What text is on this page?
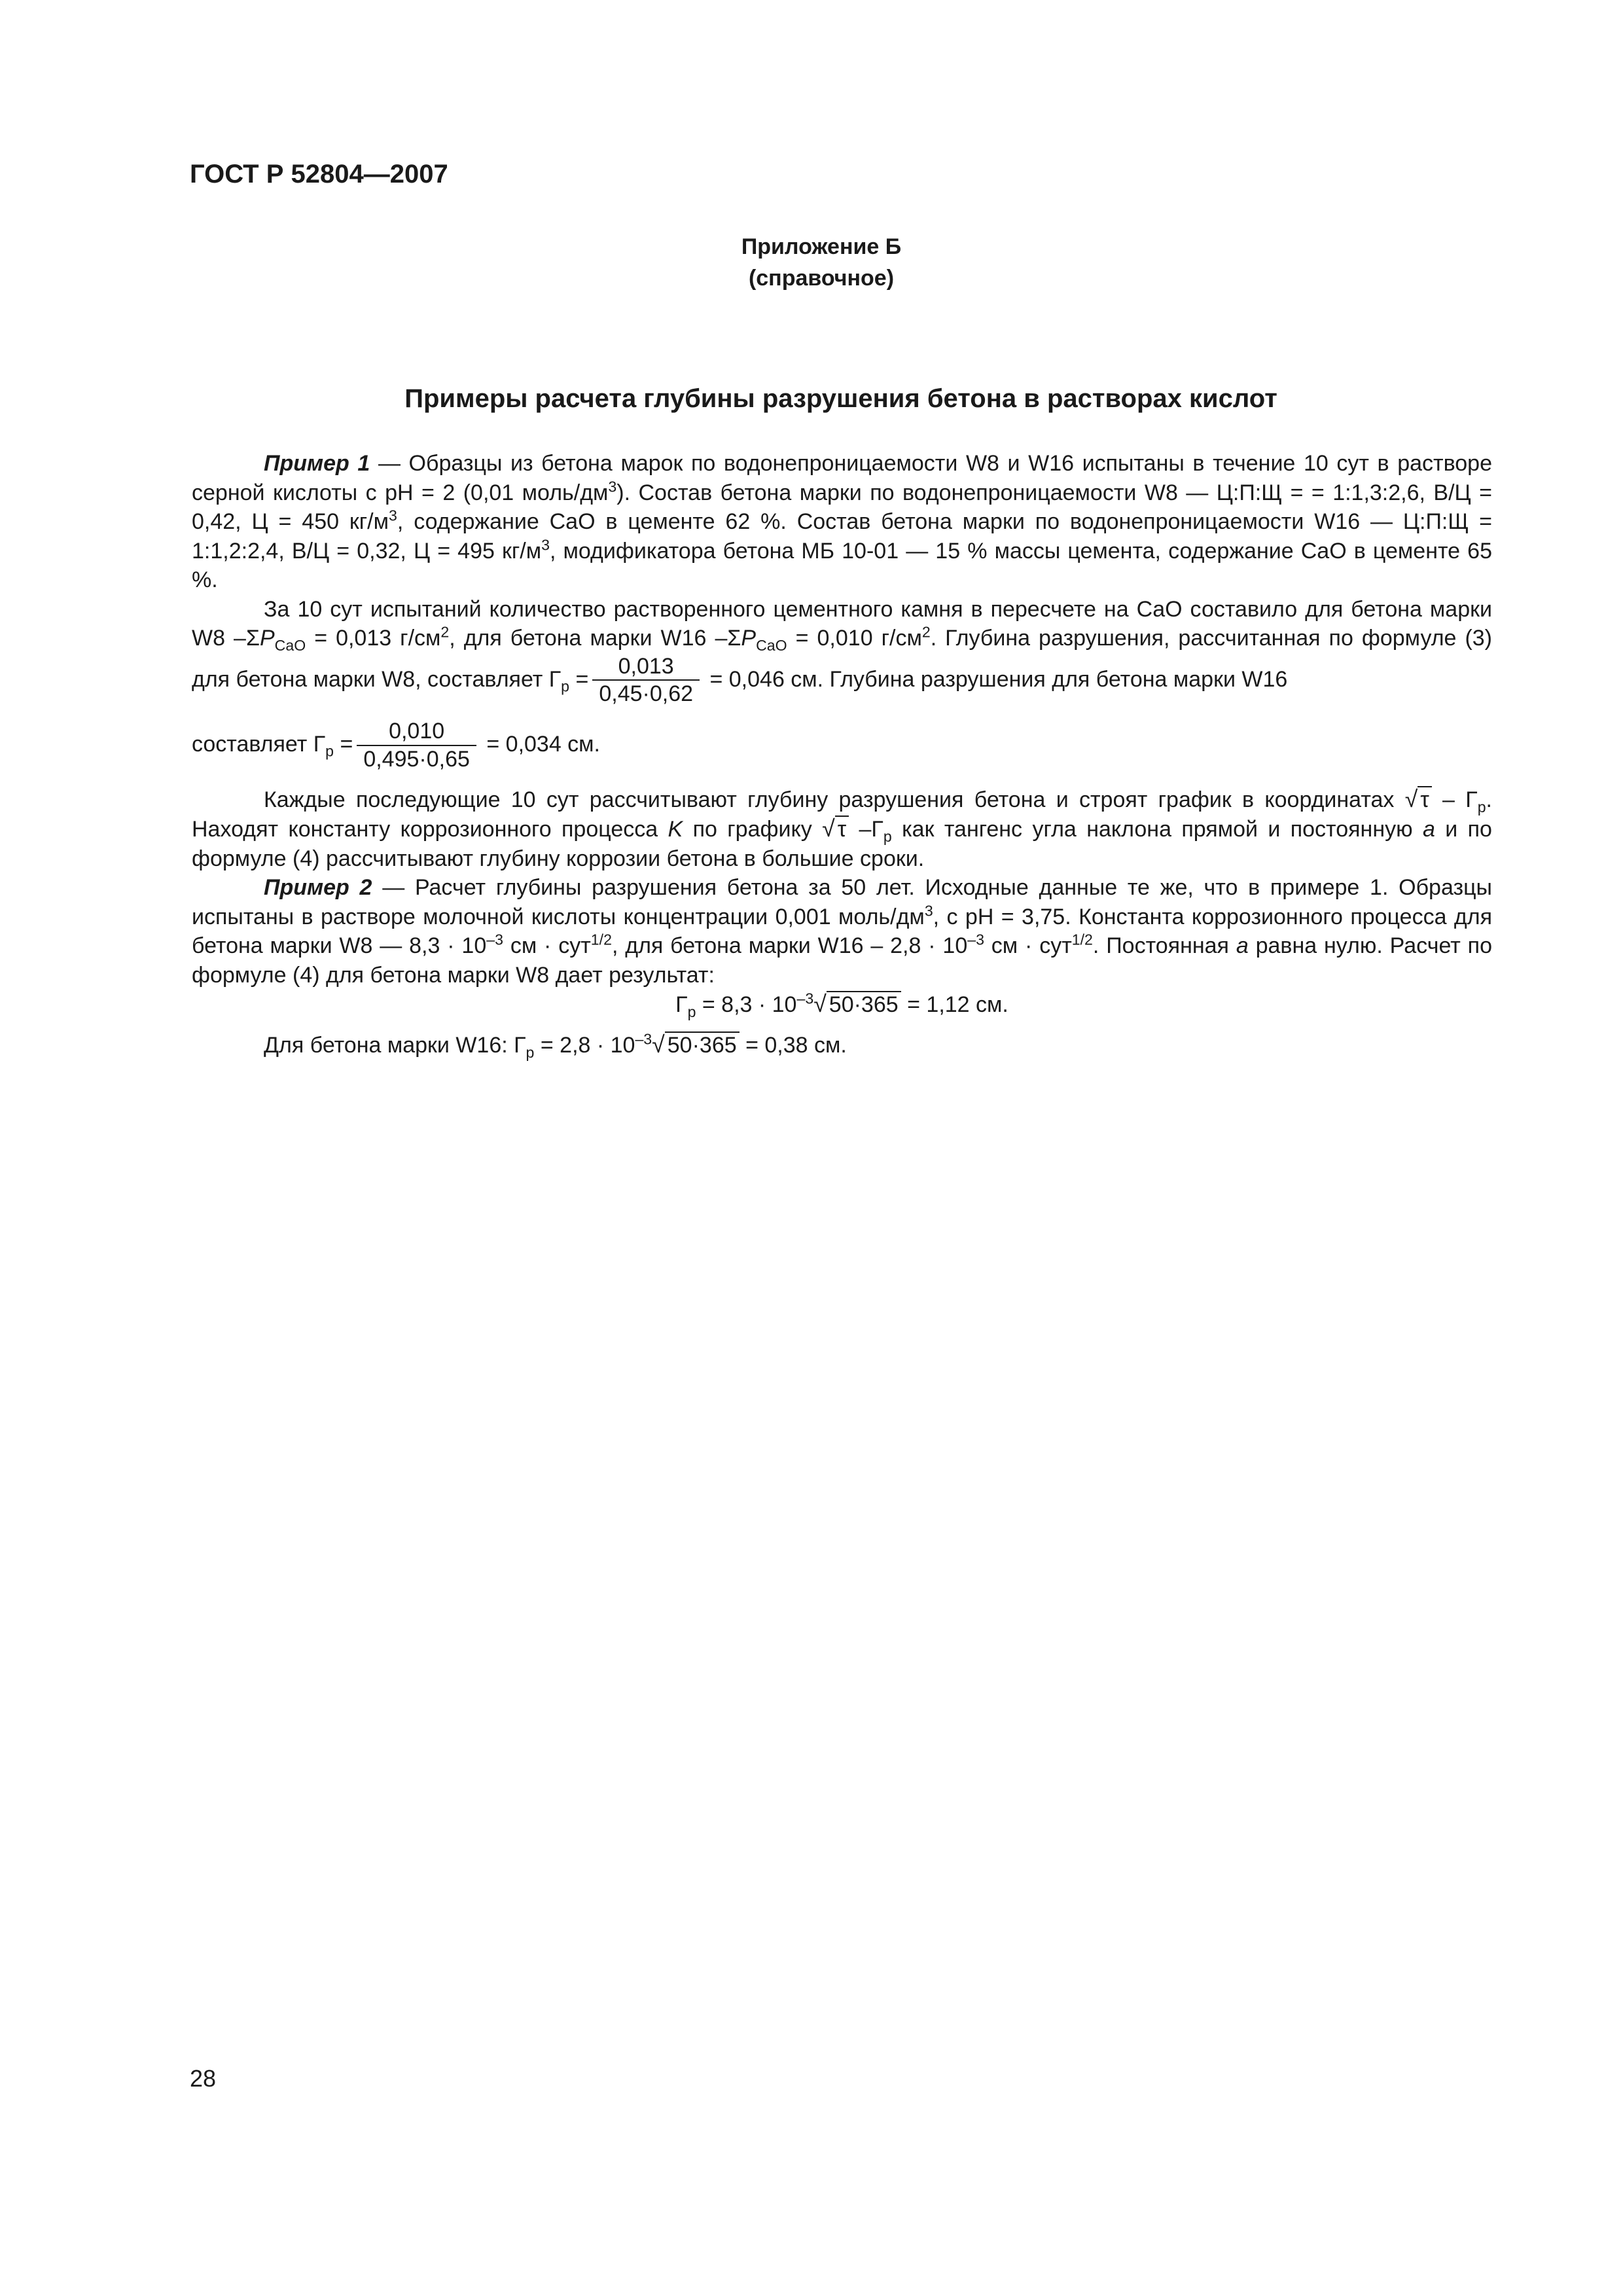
ГОСТ Р 52804—2007
Приложение Б
(справочное)
Примеры расчета глубины разрушения бетона в растворах кислот

Пример 1 — Образцы из бетона марок по водонепроницаемости W8 и W16 испытаны в течение 10 сут в растворе серной кислоты с рН = 2 (0,01 моль/$дм^3$). Состав бетона марки по водонепроницаемости W8 — Ц:П:Щ = = 1:1,3:2,6, В/Ц = 0,42, Ц = 450 $кг/м^3$, содержание CaO в цементе 62 %. Состав бетона марки по водонепроницаемости W16 — Ц:П:Щ = 1:1,2:2,4, В/Ц = 0,32, Ц = 495 $кг/м^3$, модификатора бетона МБ 10-01 — 15 % массы цемента, содержание CaO в цементе 65 %.

За 10 сут испытаний количество растворенного цементного камня в пересчете на CaO составило для бетона марки W8 $-\Sigma P_{CaO} = 0,013$ $г/см^2$, для бетона марки W16 $-\Sigma P_{CaO} = 0,010$ $г/см^2$. Глубина разрушения, рассчитанная по формуле (3) для бетона марки W8, составляет $Г_р = \frac{0,013}{0,45\cdot 0,62} = 0,046$ см. Глубина разрушения для бетона марки W16

составляет $Г_р = \frac{0,010}{0,495\cdot 0,65} = 0,034$ см.

Каждые последующие 10 сут рассчитывают глубину разрушения бетона и строят график в координатах √ τ – $Г_р$. Находят константу коррозионного процесса K по графику √ τ $-Г_р$ как тангенс угла наклона прямой и постоянную a и по формуле (4) рассчитывают глубину коррозии бетона в большие сроки.

Пример 2 — Расчет глубины разрушения бетона за 50 лет. Исходные данные те же, что в примере 1. Образцы испытаны в растворе молочной кислоты концентрации 0,001 моль/$дм^3$, с рН = 3,75. Константа коррозионного процесса для бетона марки W8 — $8,3 \cdot 10^{-3}$ см · сут$^{1/2}$, для бетона марки $W16 - 2,8 \cdot 10^{-3}$ см · сут$^{1/2}$. Постоянная a равна нулю. Расчет по формуле (4) для бетона марки W8 дает результат:

$Г_р = 8,3 \cdot 10^{-3}√$ 50·365 = 1,12 см.

Для бетона марки W16: $Г_р = 2,8 \cdot 10^{-3}√$ 50·365 = 0,38 см.

28
